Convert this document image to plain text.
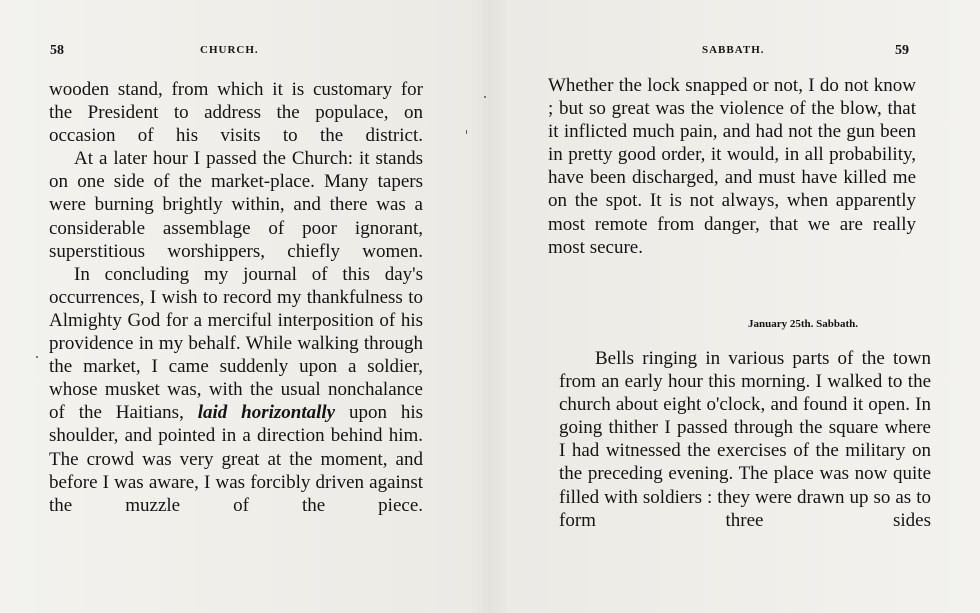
58	CHURCH.

wooden stand, from which it is customary for the President to address the populace, on occasion of his visits to the district.

At a later hour I passed the Church: it stands on one side of the market-place. Many tapers were burning brightly within, and there was a considerable assemblage of poor ignorant, superstitious worshippers, chiefly women.

In concluding my journal of this day's occurrences, I wish to record my thankfulness to Almighty God for a merciful interposition of his providence in my behalf. While walking through the market, I came suddenly upon a soldier, whose musket was, with the usual nonchalance of the Haitians, laid horizontally upon his shoulder, and pointed in a direction behind him. The crowd was very great at the moment, and before I was aware, I was forcibly driven against the muzzle of the piece.

SABBATH.	59

Whether the lock snapped or not, I do not know ; but so great was the violence of the blow, that it inflicted much pain, and had not the gun been in pretty good order, it would, in all probability, have been discharged, and must have killed me on the spot. It is not always, when apparently most remote from danger, that we are really most secure.

January 25th. Sabbath.

Bells ringing in various parts of the town from an early hour this morning. I walked to the church about eight o'clock, and found it open. In going thither I passed through the square where I had witnessed the exercises of the military on the preceding evening. The place was now quite filled with soldiers : they were drawn up so as to form three sides
